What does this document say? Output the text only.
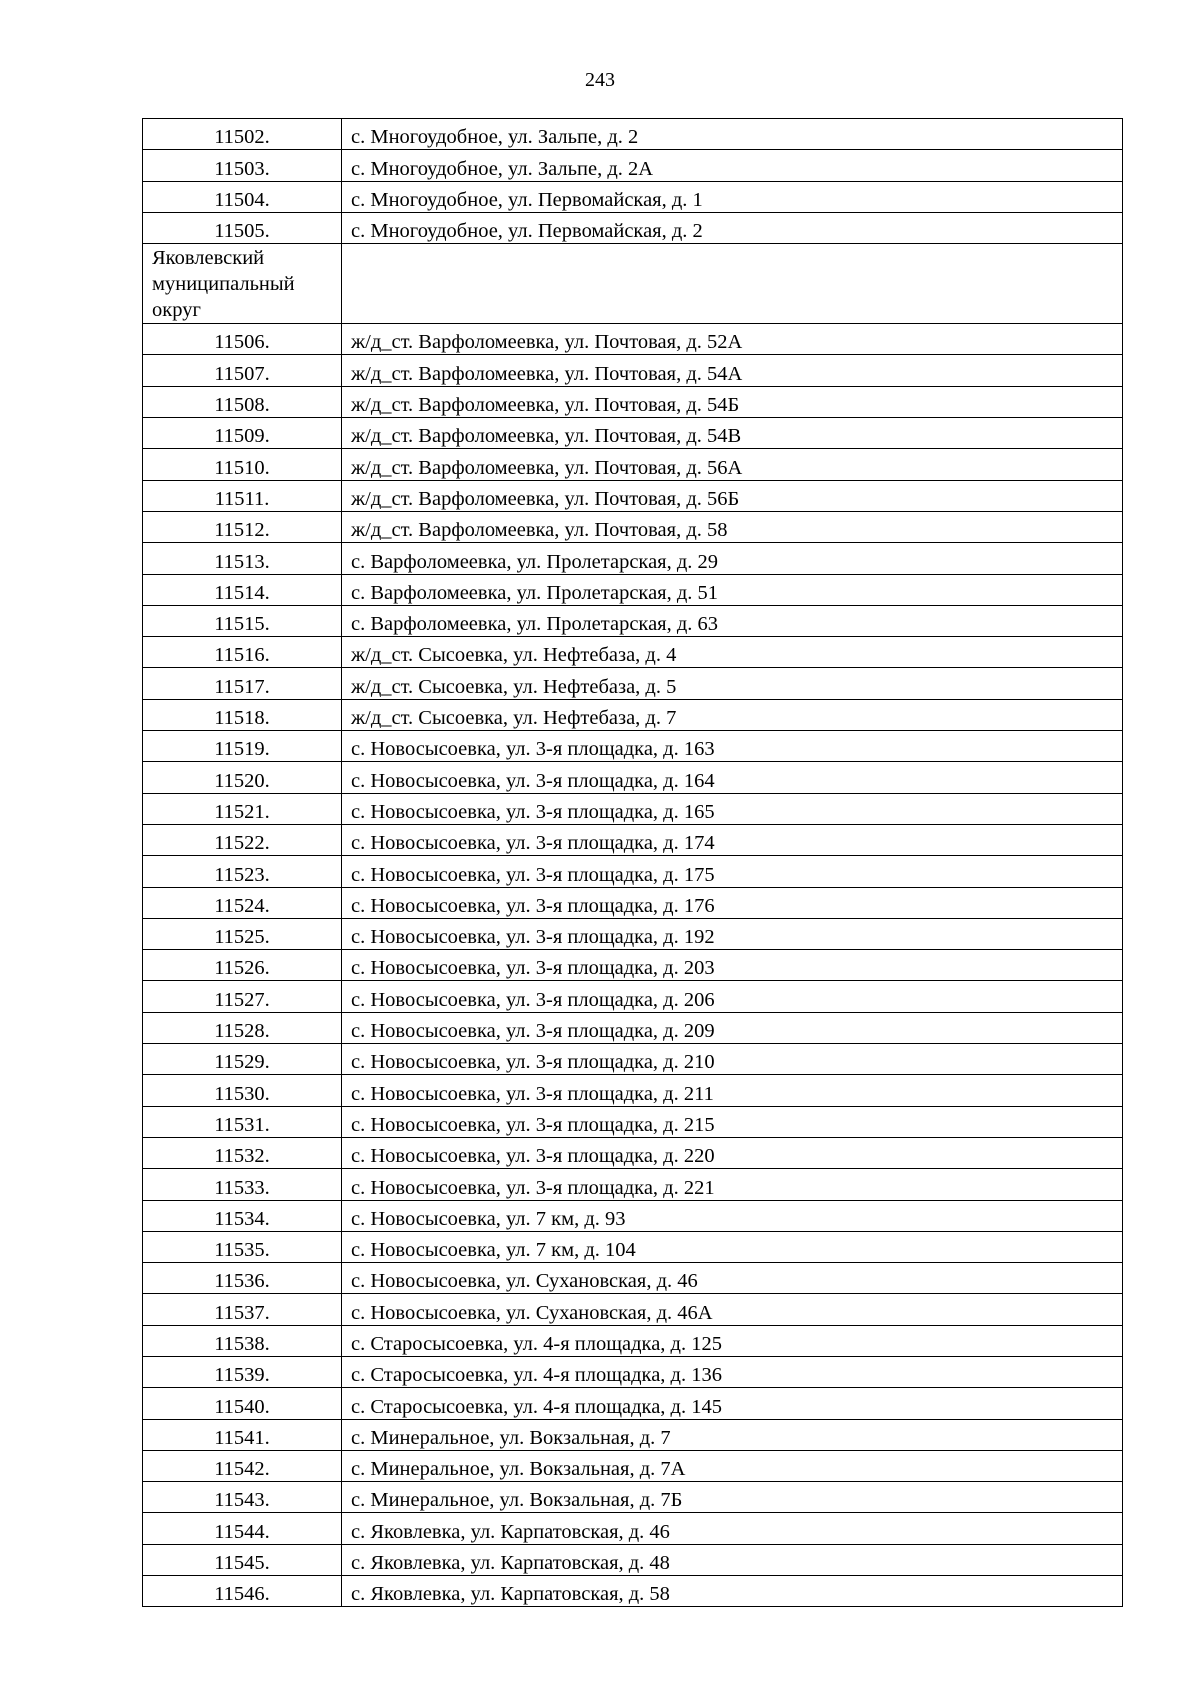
243
11502.	с. Многоудобное, ул. Зальпе, д. 2
11503.	с. Многоудобное, ул. Зальпе, д. 2А
11504.	с. Многоудобное, ул. Первомайская, д. 1
11505.	с. Многоудобное, ул. Первомайская, д. 2
Яковлевский муниципальный округ	
11506.	ж/д_ст. Варфоломеевка, ул. Почтовая, д. 52А
11507.	ж/д_ст. Варфоломеевка, ул. Почтовая, д. 54А
11508.	ж/д_ст. Варфоломеевка, ул. Почтовая, д. 54Б
11509.	ж/д_ст. Варфоломеевка, ул. Почтовая, д. 54В
11510.	ж/д_ст. Варфоломеевка, ул. Почтовая, д. 56А
11511.	ж/д_ст. Варфоломеевка, ул. Почтовая, д. 56Б
11512.	ж/д_ст. Варфоломеевка, ул. Почтовая, д. 58
11513.	с. Варфоломеевка, ул. Пролетарская, д. 29
11514.	с. Варфоломеевка, ул. Пролетарская, д. 51
11515.	с. Варфоломеевка, ул. Пролетарская, д. 63
11516.	ж/д_ст. Сысоевка, ул. Нефтебаза, д. 4
11517.	ж/д_ст. Сысоевка, ул. Нефтебаза, д. 5
11518.	ж/д_ст. Сысоевка, ул. Нефтебаза, д. 7
11519.	с. Новосысоевка, ул. 3-я площадка, д. 163
11520.	с. Новосысоевка, ул. 3-я площадка, д. 164
11521.	с. Новосысоевка, ул. 3-я площадка, д. 165
11522.	с. Новосысоевка, ул. 3-я площадка, д. 174
11523.	с. Новосысоевка, ул. 3-я площадка, д. 175
11524.	с. Новосысоевка, ул. 3-я площадка, д. 176
11525.	с. Новосысоевка, ул. 3-я площадка, д. 192
11526.	с. Новосысоевка, ул. 3-я площадка, д. 203
11527.	с. Новосысоевка, ул. 3-я площадка, д. 206
11528.	с. Новосысоевка, ул. 3-я площадка, д. 209
11529.	с. Новосысоевка, ул. 3-я площадка, д. 210
11530.	с. Новосысоевка, ул. 3-я площадка, д. 211
11531.	с. Новосысоевка, ул. 3-я площадка, д. 215
11532.	с. Новосысоевка, ул. 3-я площадка, д. 220
11533.	с. Новосысоевка, ул. 3-я площадка, д. 221
11534.	с. Новосысоевка, ул. 7 км, д. 93
11535.	с. Новосысоевка, ул. 7 км, д. 104
11536.	с. Новосысоевка, ул. Сухановская, д. 46
11537.	с. Новосысоевка, ул. Сухановская, д. 46А
11538.	с. Старосысоевка, ул. 4-я площадка, д. 125
11539.	с. Старосысоевка, ул. 4-я площадка, д. 136
11540.	с. Старосысоевка, ул. 4-я площадка, д. 145
11541.	с. Минеральное, ул. Вокзальная, д. 7
11542.	с. Минеральное, ул. Вокзальная, д. 7А
11543.	с. Минеральное, ул. Вокзальная, д. 7Б
11544.	с. Яковлевка, ул. Карпатовская, д. 46
11545.	с. Яковлевка, ул. Карпатовская, д. 48
11546.	с. Яковлевка, ул. Карпатовская, д. 58
